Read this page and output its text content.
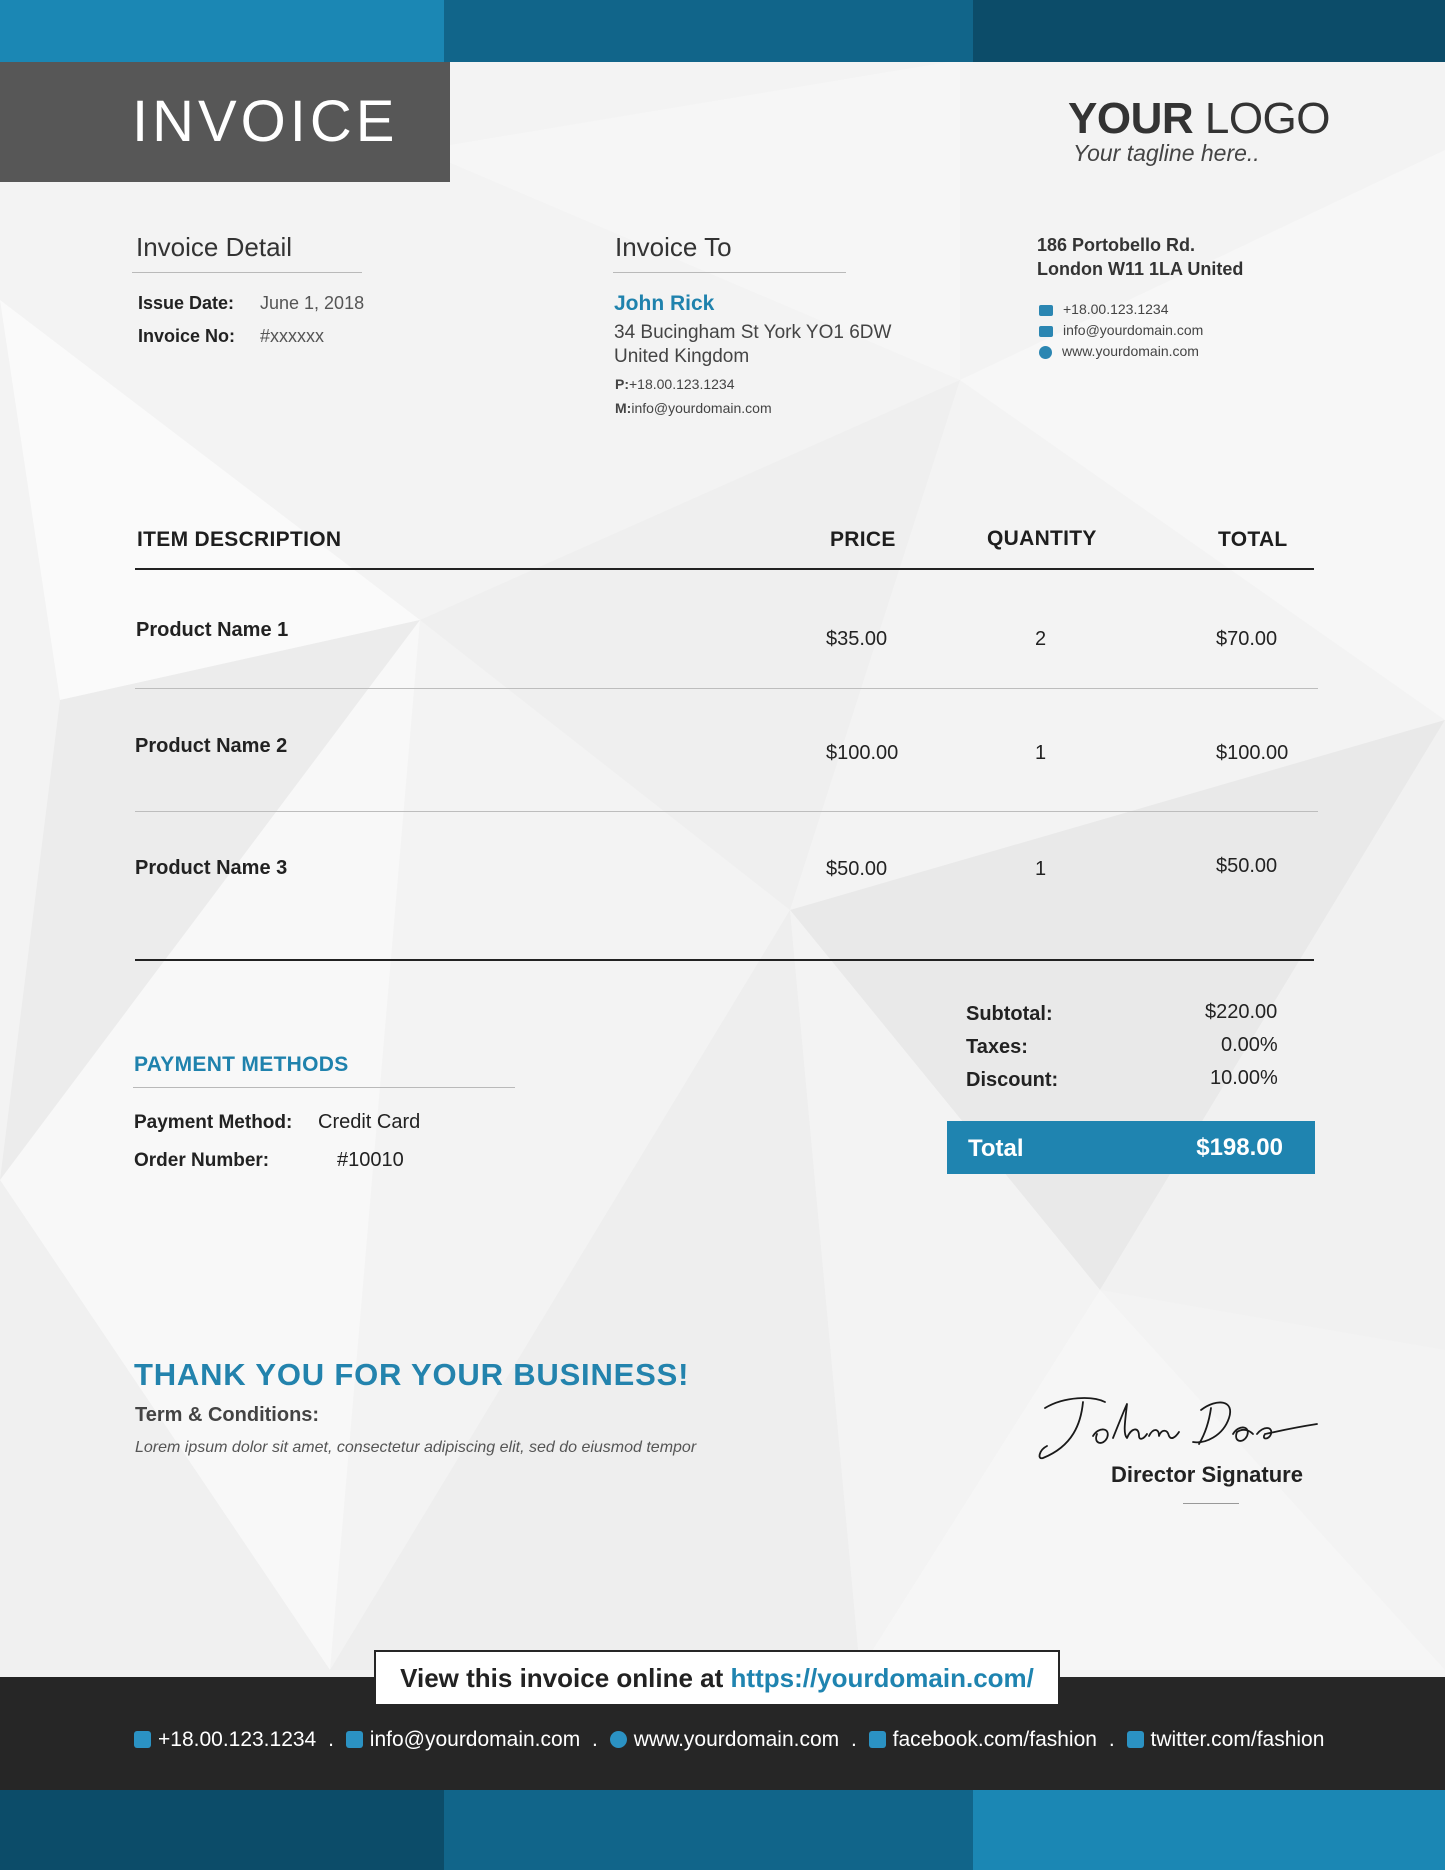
INVOICE	YOUR LOGO
Your tagline here..
Invoice Detail
Issue Date: June 1, 2018
Invoice No: #xxxxxx
Invoice To
John Rick
34 Bucingham St York YO1 6DW
United Kingdom
P:+18.00.123.1234
M:info@yourdomain.com
186 Portobello Rd.
London W11 1LA United
+18.00.123.1234
info@yourdomain.com
www.yourdomain.com
ITEM DESCRIPTION	PRICE	QUANTITY	TOTAL
Product Name 1	$35.00	2	$70.00
Product Name 2	$100.00	1	$100.00
Product Name 3	$50.00	1	$50.00
PAYMENT METHODS
Payment Method: Credit Card
Order Number:	#10010
Subtotal:	$220.00
Taxes:	0.00%
Discount:	10.00%
Total	$198.00
THANK YOU FOR YOUR BUSINESS!
Term & Conditions:
Lorem ipsum dolor sit amet, consectetur adipiscing elit, sed do eiusmod tempor
Director Signature
View this invoice online at https://yourdomain.com/
+18.00.123.1234 . info@yourdomain.com . www.yourdomain.com . facebook.com/fashion . twitter.com/fashion
